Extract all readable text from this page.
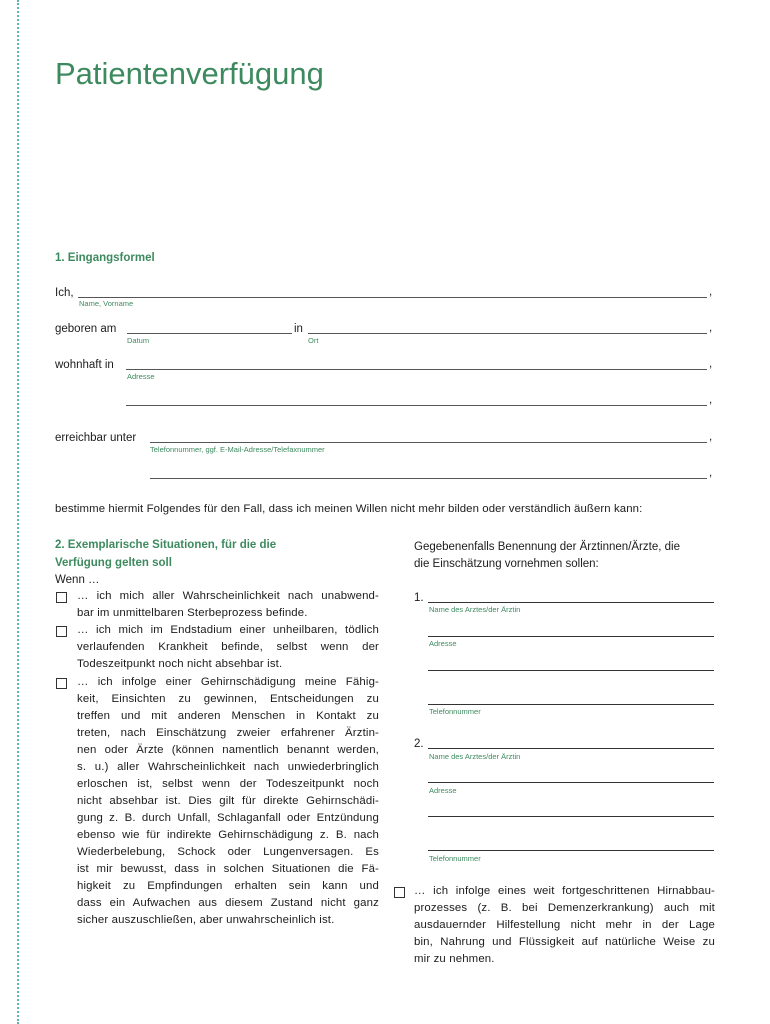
Patientenverfügung
1. Eingangsformel
Ich,	,
Name, Vorname
geboren am	in	,
Datum	Ort
wohnhaft in	,
Adresse
,
erreichbar unter	,
Telefonnummer, ggf. E-Mail-Adresse/Telefaxnummer
,
bestimme hiermit Folgendes für den Fall, dass ich meinen Willen nicht mehr bilden oder verständlich äußern kann:
2. Exemplarische Situationen, für die die
Verfügung gelten soll
Wenn …
… ich mich aller Wahrscheinlichkeit nach unabwend-
bar im unmittelbaren Sterbeprozess befinde.
… ich mich im Endstadium einer unheilbaren, tödlich
verlaufenden Krankheit befinde, selbst wenn der
Todeszeitpunkt noch nicht absehbar ist.
… ich infolge einer Gehirnschädigung meine Fähig-
keit, Einsichten zu gewinnen, Entscheidungen zu
treffen und mit anderen Menschen in Kontakt zu
treten, nach Einschätzung zweier erfahrener Ärztin-
nen oder Ärzte (können namentlich benannt werden,
s. u.) aller Wahrscheinlichkeit nach unwiederbringlich
erloschen ist, selbst wenn der Todeszeitpunkt noch
nicht absehbar ist. Dies gilt für direkte Gehirnschädi-
gung z. B. durch Unfall, Schlaganfall oder Entzündung
ebenso wie für indirekte Gehirnschädigung z. B. nach
Wiederbelebung, Schock oder Lungenversagen. Es
ist mir bewusst, dass in solchen Situationen die Fä-
higkeit zu Empfindungen erhalten sein kann und
dass ein Aufwachen aus diesem Zustand nicht ganz
sicher auszuschließen, aber unwahrscheinlich ist.
Gegebenenfalls Benennung der Ärztinnen/Ärzte, die
die Einschätzung vornehmen sollen:
1.
Name des Arztes/der Ärztin
Adresse
Telefonnummer
2.
Name des Arztes/der Ärztin
Adresse
Telefonnummer
… ich infolge eines weit fortgeschrittenen Hirnabbau-
prozesses (z. B. bei Demenzerkrankung) auch mit
ausdauernder Hilfestellung nicht mehr in der Lage
bin, Nahrung und Flüssigkeit auf natürliche Weise zu
mir zu nehmen.
